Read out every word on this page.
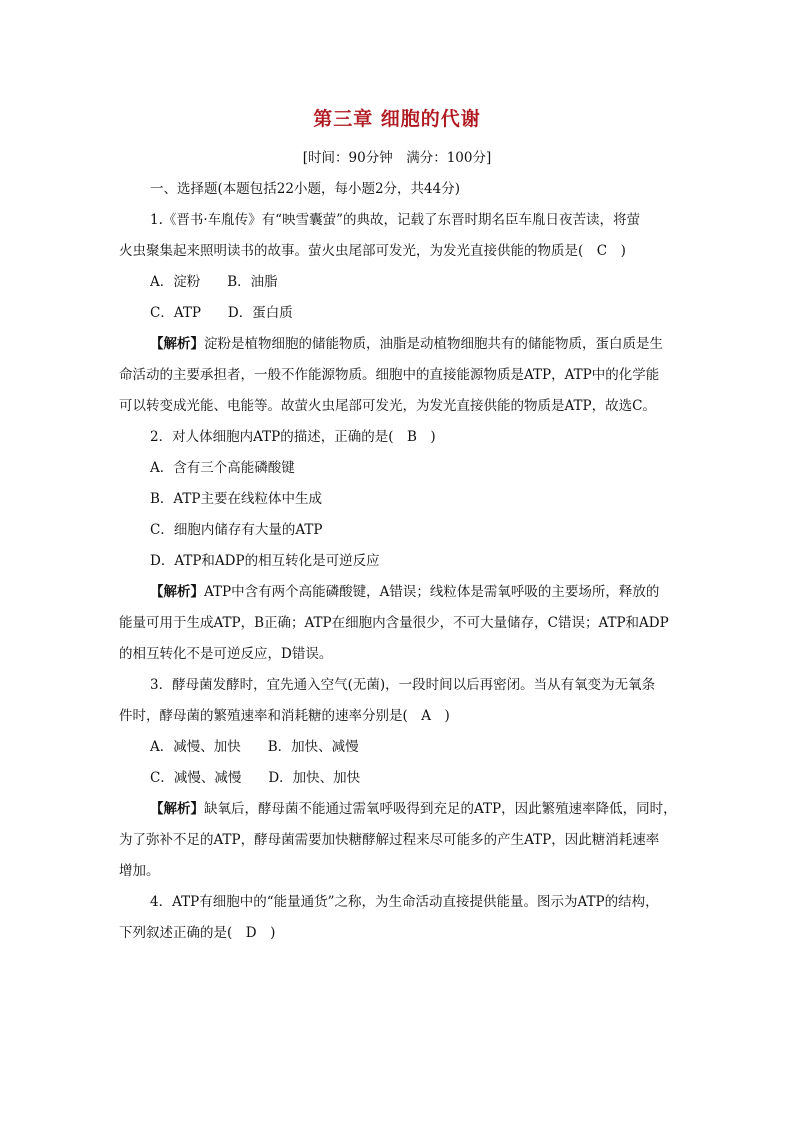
第三章 细胞的代谢
[时间：90分钟　满分：100分]
一、选择题(本题包括22小题，每小题2分，共44分)
1.《晋书·车胤传》有“映雪囊萤”的典故，记载了东晋时期名臣车胤日夜苦读，将萤
火虫聚集起来照明读书的故事。萤火虫尾部可发光，为发光直接供能的物质是(　C　)
A．淀粉　　B．油脂
C．ATP　　D．蛋白质
【解析】淀粉是植物细胞的储能物质，油脂是动植物细胞共有的储能物质，蛋白质是生
命活动的主要承担者，一般不作能源物质。细胞中的直接能源物质是ATP，ATP中的化学能
可以转变成光能、电能等。故萤火虫尾部可发光，为发光直接供能的物质是ATP，故选C。
2．对人体细胞内ATP的描述，正确的是(　B　)
A．含有三个高能磷酸键
B．ATP主要在线粒体中生成
C．细胞内储存有大量的ATP
D．ATP和ADP的相互转化是可逆反应
【解析】ATP中含有两个高能磷酸键，A错误；线粒体是需氧呼吸的主要场所，释放的
能量可用于生成ATP，B正确；ATP在细胞内含量很少，不可大量储存，C错误；ATP和ADP
的相互转化不是可逆反应，D错误。
3．酵母菌发酵时，宜先通入空气(无菌)，一段时间以后再密闭。当从有氧变为无氧条
件时，酵母菌的繁殖速率和消耗糖的速率分别是(　A　)
A．减慢、加快　　B．加快、减慢
C．减慢、减慢　　D．加快、加快
【解析】缺氧后，酵母菌不能通过需氧呼吸得到充足的ATP，因此繁殖速率降低，同时，
为了弥补不足的ATP，酵母菌需要加快糖酵解过程来尽可能多的产生ATP，因此糖消耗速率
增加。
4．ATP有细胞中的“能量通货”之称，为生命活动直接提供能量。图示为ATP的结构，
下列叙述正确的是(　D　)
